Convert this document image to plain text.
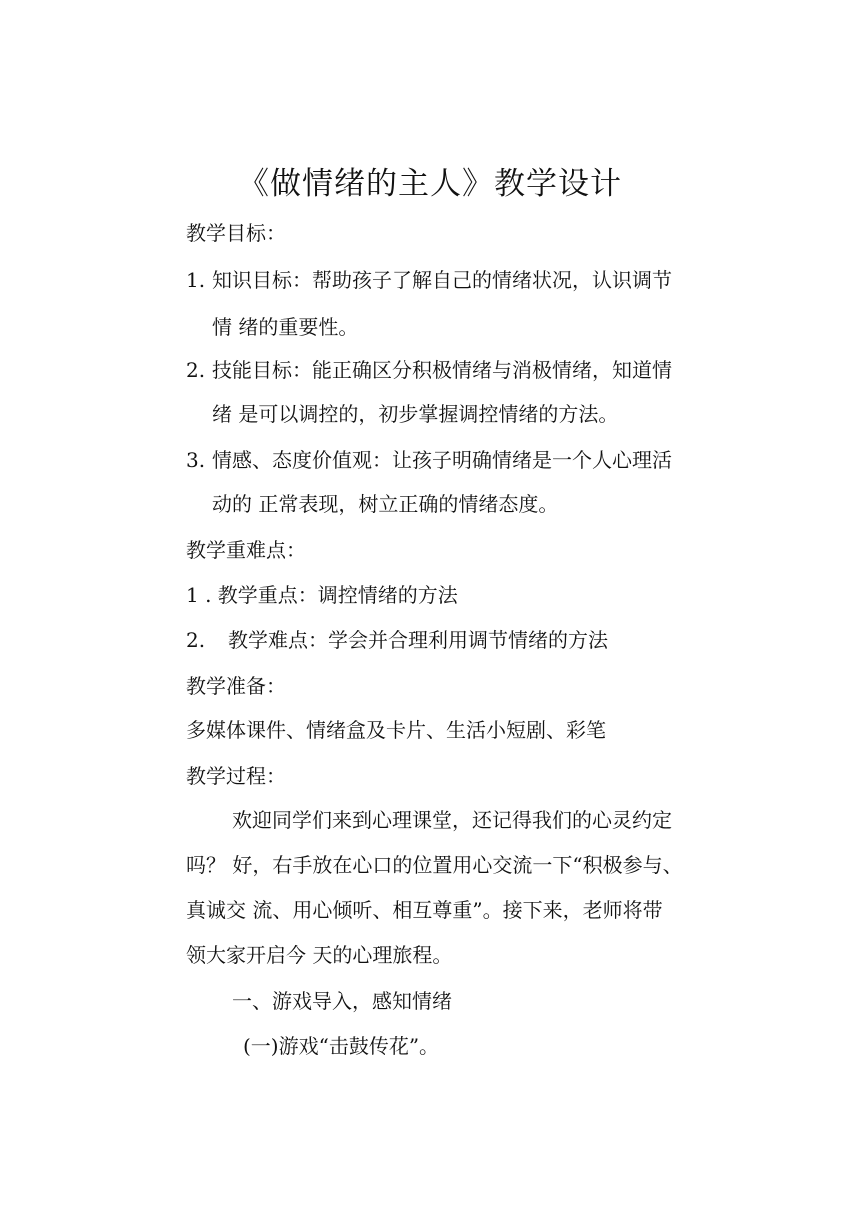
《做情绪的主人》教学设计
教学目标：
1. 知识目标：帮助孩子了解自己的情绪状况，认识调节
情 绪的重要性。
2. 技能目标：能正确区分积极情绪与消极情绪，知道情
绪 是可以调控的，初步掌握调控情绪的方法。
3. 情感、态度价值观：让孩子明确情绪是一个人心理活
动的 正常表现，树立正确的情绪态度。
教学重难点：
1 . 教学重点：调控情绪的方法
2. 教学难点：学会并合理利用调节情绪的方法
教学准备：
多媒体课件、情绪盒及卡片、生活小短剧、彩笔
教学过程：
欢迎同学们来到心理课堂，还记得我们的心灵约定
吗？ 好，右手放在心口的位置用心交流一下“积极参与、
真诚交 流、用心倾听、相互尊重”。接下来，老师将带
领大家开启今 天的心理旅程。
一、游戏导入，感知情绪
(一)游戏“击鼓传花”。
